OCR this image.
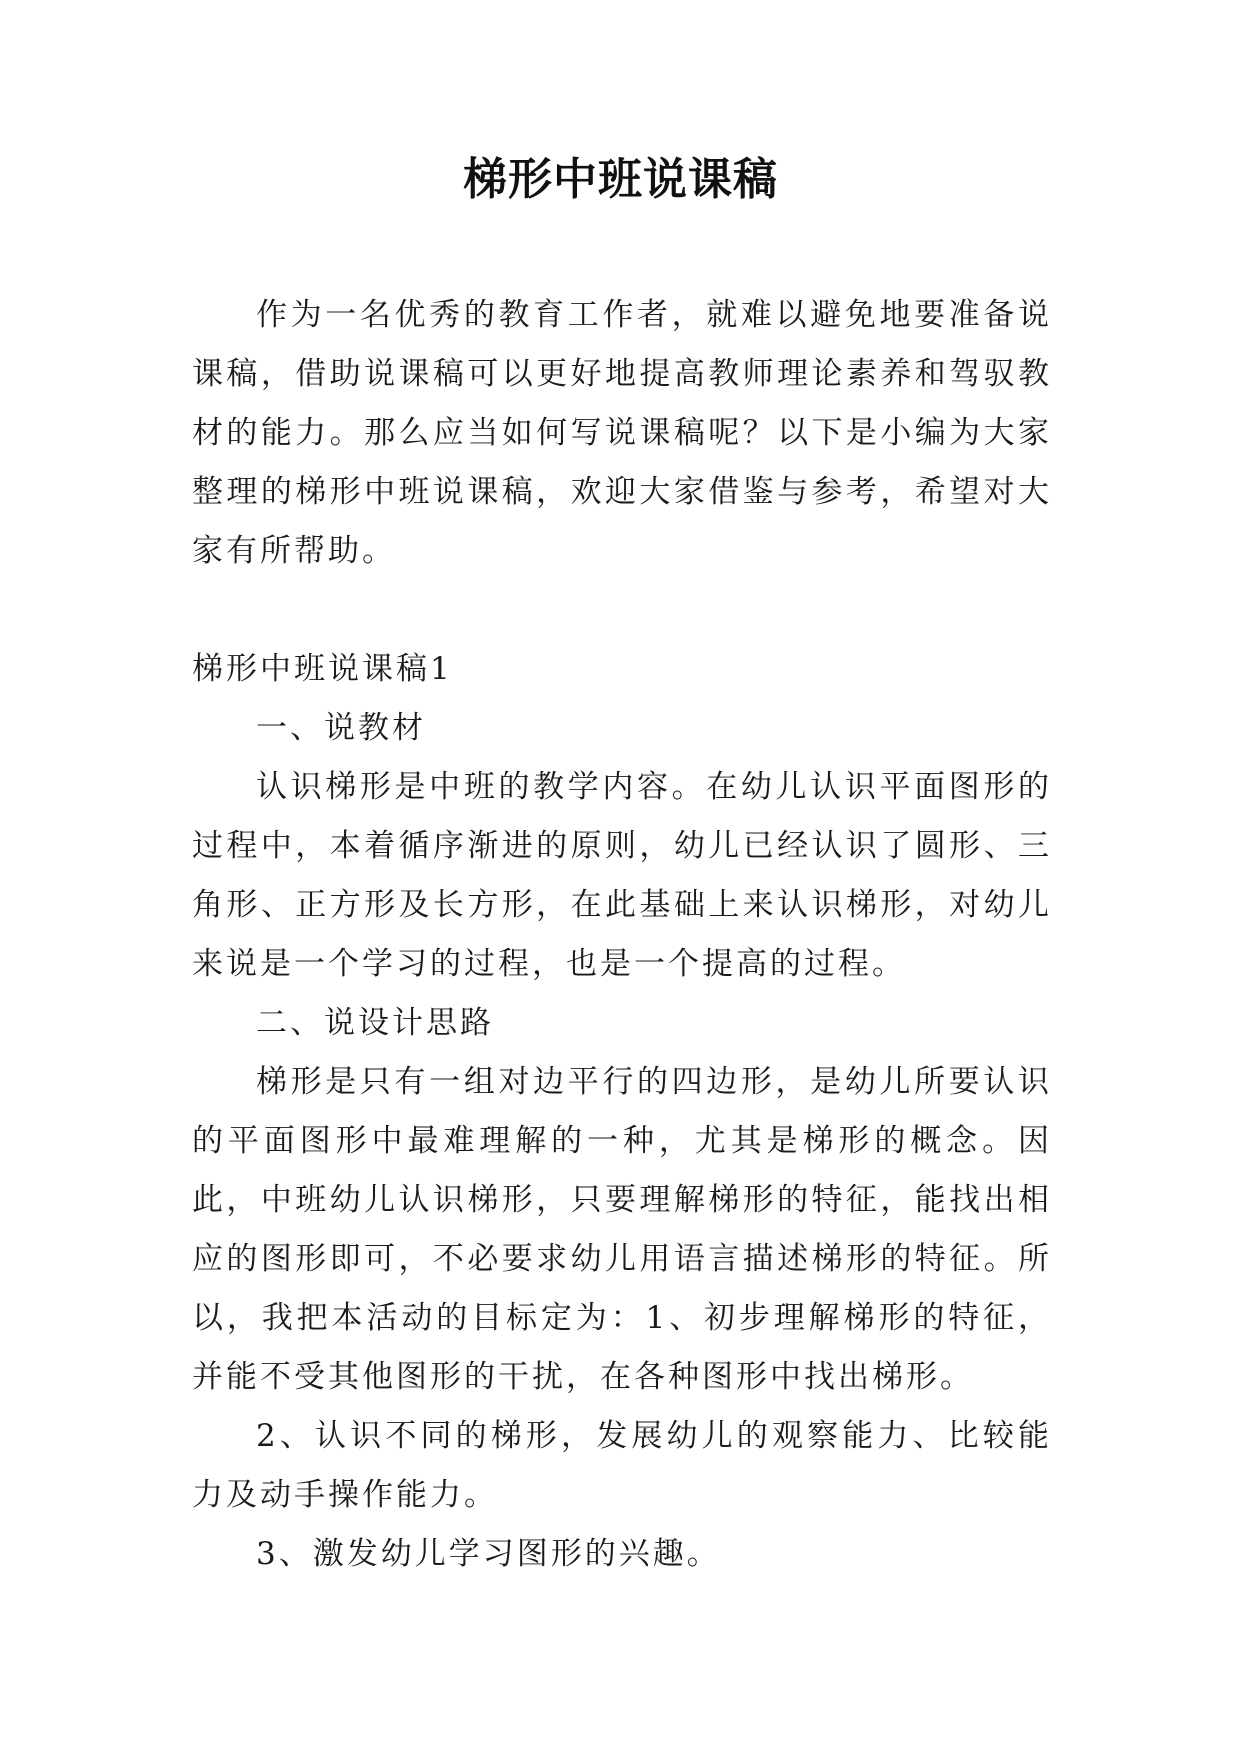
梯形中班说课稿

作为一名优秀的教育工作者，就难以避免地要准备说课稿，借助说课稿可以更好地提高教师理论素养和驾驭教材的能力。那么应当如何写说课稿呢？以下是小编为大家整理的梯形中班说课稿，欢迎大家借鉴与参考，希望对大家有所帮助。

梯形中班说课稿1

一、说教材

认识梯形是中班的教学内容。在幼儿认识平面图形的过程中，本着循序渐进的原则，幼儿已经认识了圆形、三角形、正方形及长方形，在此基础上来认识梯形，对幼儿来说是一个学习的过程，也是一个提高的过程。

二、说设计思路

梯形是只有一组对边平行的四边形，是幼儿所要认识的平面图形中最难理解的一种，尤其是梯形的概念。因此，中班幼儿认识梯形，只要理解梯形的特征，能找出相应的图形即可，不必要求幼儿用语言描述梯形的特征。所以，我把本活动的目标定为：1、初步理解梯形的特征，并能不受其他图形的干扰，在各种图形中找出梯形。

2、认识不同的梯形，发展幼儿的观察能力、比较能力及动手操作能力。

3、激发幼儿学习图形的兴趣。
